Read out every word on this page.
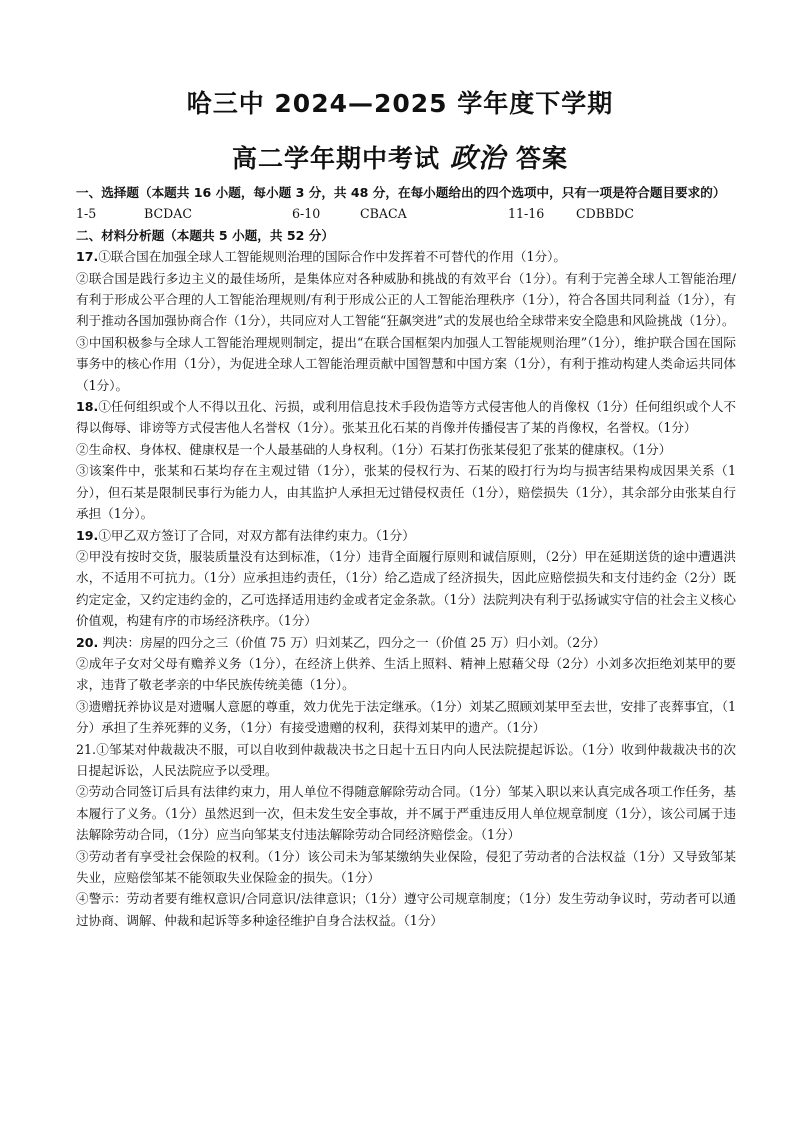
哈三中 2024—2025 学年度下学期
高二学年期中考试 政治 答案

一、选择题（本题共 16 小题，每小题 3 分，共 48 分，在每小题给出的四个选项中，只有一项是符合题目要求的）

1-5	BCDAC	6-10	CBACA	11-16	CDBBDC

二、材料分析题（本题共 5 小题，共 52 分）

17.①联合国在加强全球人工智能规则治理的国际合作中发挥着不可替代的作用（1分）。

②联合国是践行多边主义的最佳场所，是集体应对各种威胁和挑战的有效平台（1分）。有利于完善全球人工智能治理/有利于形成公平合理的人工智能治理规则/有利于形成公正的人工智能治理秩序（1分），符合各国共同利益（1分），有利于推动各国加强协商合作（1分），共同应对人工智能“狂飙突进”式的发展也给全球带来安全隐患和风险挑战（1分）。

③中国积极参与全球人工智能治理规则制定，提出“在联合国框架内加强人工智能规则治理”（1分），维护联合国在国际事务中的核心作用（1分），为促进全球人工智能治理贡献中国智慧和中国方案（1分），有利于推动构建人类命运共同体（1分）。

18.①任何组织或个人不得以丑化、污损，或利用信息技术手段伪造等方式侵害他人的肖像权（1分）任何组织或个人不得以侮辱、诽谤等方式侵害他人名誉权（1分）。张某丑化石某的肖像并传播侵害了某的肖像权，名誉权。（1分）

②生命权、身体权、健康权是一个人最基础的人身权利。（1分）石某打伤张某侵犯了张某的健康权。（1分）

③该案件中，张某和石某均存在主观过错（1分），张某的侵权行为、石某的殴打行为均与损害结果构成因果关系（1分），但石某是限制民事行为能力人，由其监护人承担无过错侵权责任（1分），赔偿损失（1分），其余部分由张某自行承担（1分）。

19.①甲乙双方签订了合同，对双方都有法律约束力。（1分）

②甲没有按时交货，服装质量没有达到标准，（1分）违背全面履行原则和诚信原则，（2分）甲在延期送货的途中遭遇洪水，不适用不可抗力。（1分）应承担违约责任，（1分）给乙造成了经济损失，因此应赔偿损失和支付违约金（2分）既约定定金，又约定违约金的，乙可选择适用违约金或者定金条款。（1分）法院判决有利于弘扬诚实守信的社会主义核心价值观，构建有序的市场经济秩序。（1分）

20. 判决：房屋的四分之三（价值 75 万）归刘某乙，四分之一（价值 25 万）归小刘。（2分）

②成年子女对父母有赡养义务（1分），在经济上供养、生活上照料、精神上慰藉父母（2分）小刘多次拒绝刘某甲的要求，违背了敬老孝亲的中华民族传统美德（1分）。

③遗赠抚养协议是对遗嘱人意愿的尊重，效力优先于法定继承。（1分）刘某乙照顾刘某甲至去世，安排了丧葬事宜，（1分）承担了生养死葬的义务，（1分）有接受遗赠的权利，获得刘某甲的遗产。（1分）

21.①邹某对仲裁裁决不服，可以自收到仲裁裁决书之日起十五日内向人民法院提起诉讼。（1分）收到仲裁裁决书的次日提起诉讼，人民法院应予以受理。

②劳动合同签订后具有法律约束力，用人单位不得随意解除劳动合同。（1分）邹某入职以来认真完成各项工作任务，基本履行了义务。（1分）虽然迟到一次，但未发生安全事故，并不属于严重违反用人单位规章制度（1分），该公司属于违法解除劳动合同，（1分）应当向邹某支付违法解除劳动合同经济赔偿金。（1分）

③劳动者有享受社会保险的权利。（1分）该公司未为邹某缴纳失业保险，侵犯了劳动者的合法权益（1分）又导致邹某失业，应赔偿邹某不能领取失业保险金的损失。（1分）

④警示：劳动者要有维权意识/合同意识/法律意识；（1分）遵守公司规章制度；（1分）发生劳动争议时，劳动者可以通过协商、调解、仲裁和起诉等多种途径维护自身合法权益。（1分）
